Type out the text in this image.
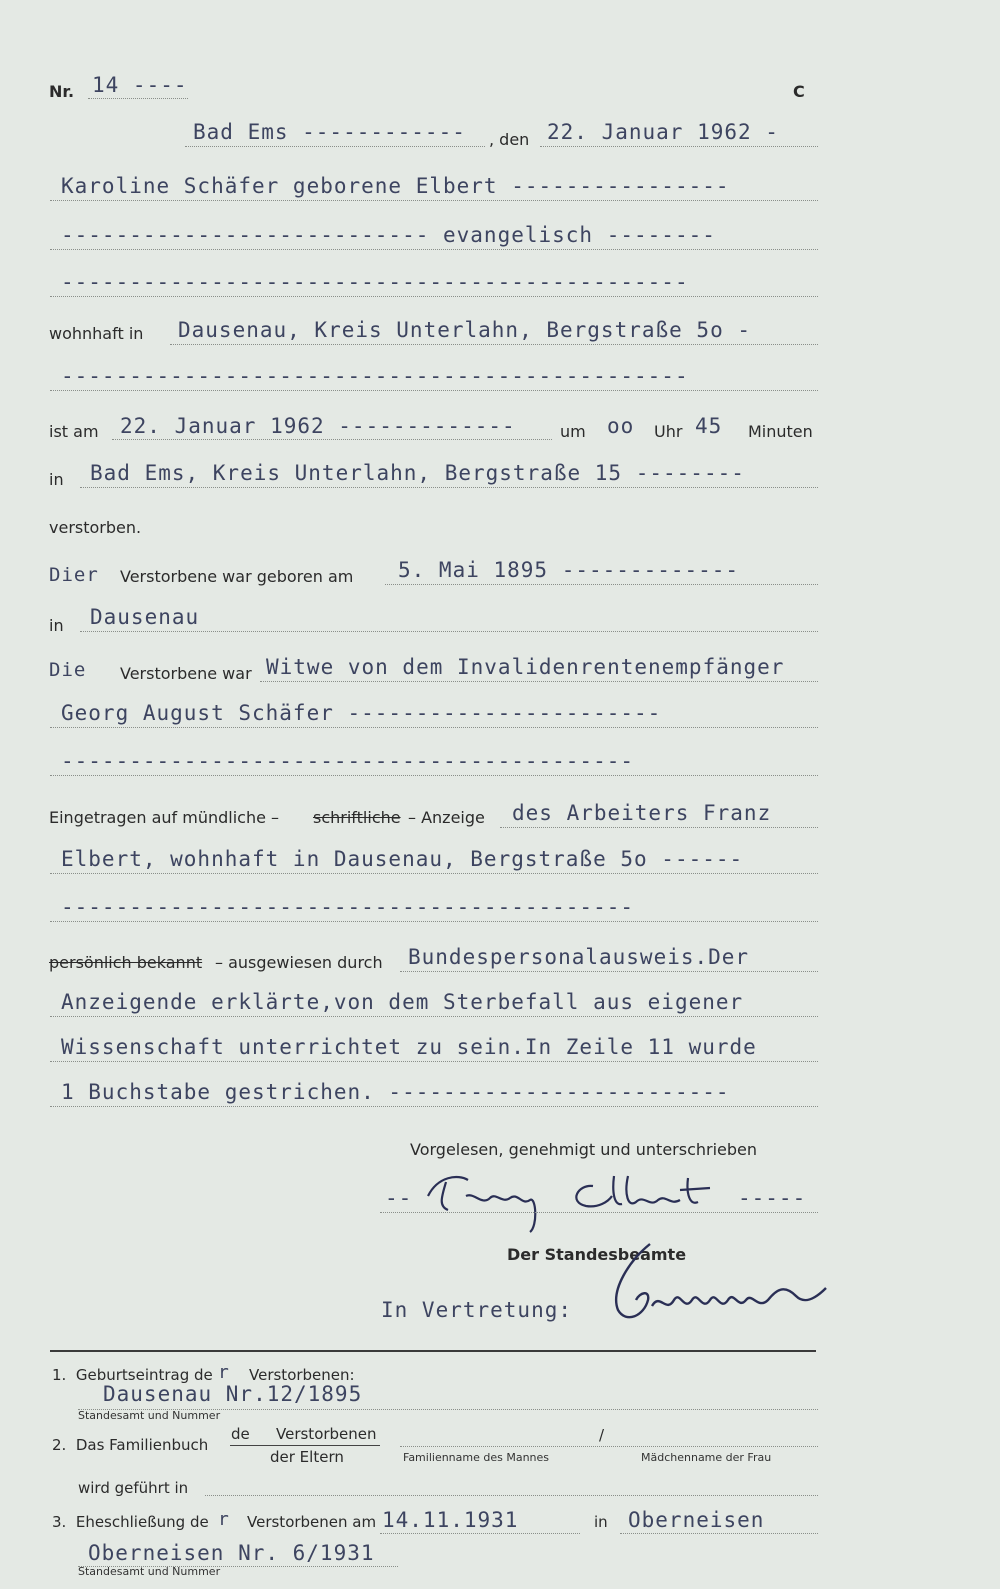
Nr. 14 ----	C
Bad Ems ------------ , den 22. Januar 1962 -
Karoline Schäfer geborene Elbert ----------------
--------------------------- evangelisch --------
----------------------------------------------
wohnhaft in Dausenau, Kreis Unterlahn, Bergstraße 5o -
----------------------------------------------
ist am 22. Januar 1962 -------------	um oo Uhr 45 Minuten
in Bad Ems, Kreis Unterlahn, Bergstraße 15 --------
verstorben.
Dier Verstorbene war geboren am 5. Mai 1895 -------------
in Dausenau
Die Verstorbene war Witwe von dem Invalidenrentenempfänger
Georg August Schäfer -----------------------
------------------------------------------
Eingetragen auf mündliche – schriftliche – Anzeige des Arbeiters Franz
Elbert, wohnhaft in Dausenau, Bergstraße 5o ------
------------------------------------------
persönlich bekannt – ausgewiesen durch Bundespersonalausweis.Der
Anzeigende erklärte,von dem Sterbefall aus eigener
Wissenschaft unterrichtet zu sein.In Zeile 11 wurde
1 Buchstabe gestrichen. -------------------------
Vorgelesen, genehmigt und unterschrieben
--	-----
Der Standesbeamte
In Vertretung:
1.  Geburtseintrag de r Verstorbenen:
Dausenau Nr.12/1895
Standesamt und Nummer
2.  Das Familienbuch
de Verstorbenen
der Eltern	Familienname des Mannes
/
Mädchenname der Frau
wird geführt in
3.  Eheschließung de r Verstorbenen am 14.11.1931	in Oberneisen
Oberneisen Nr. 6/1931
Standesamt und Nummer
